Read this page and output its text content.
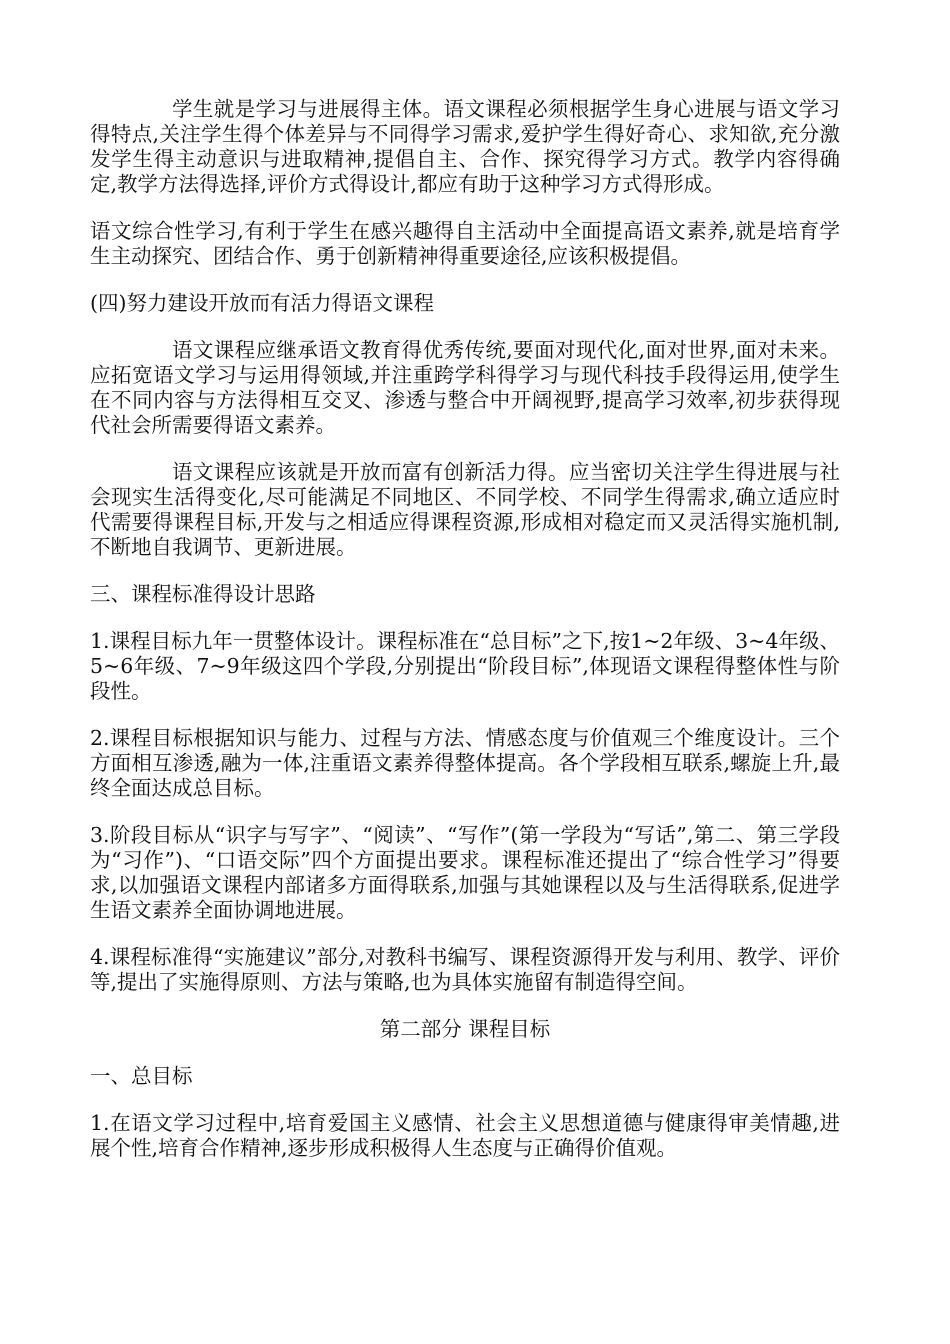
学生就是学习与进展得主体。语文课程必须根据学生身心进展与语文学习得特点,关注学生得个体差异与不同得学习需求,爱护学生得好奇心、求知欲,充分激发学生得主动意识与进取精神,提倡自主、合作、探究得学习方式。教学内容得确定,教学方法得选择,评价方式得设计,都应有助于这种学习方式得形成。

语文综合性学习,有利于学生在感兴趣得自主活动中全面提高语文素养,就是培育学生主动探究、团结合作、勇于创新精神得重要途径,应该积极提倡。

(四)努力建设开放而有活力得语文课程

语文课程应继承语文教育得优秀传统,要面对现代化,面对世界,面对未来。应拓宽语文学习与运用得领域,并注重跨学科得学习与现代科技手段得运用,使学生在不同内容与方法得相互交叉、渗透与整合中开阔视野,提高学习效率,初步获得现代社会所需要得语文素养。

语文课程应该就是开放而富有创新活力得。应当密切关注学生得进展与社会现实生活得变化,尽可能满足不同地区、不同学校、不同学生得需求,确立适应时代需要得课程目标,开发与之相适应得课程资源,形成相对稳定而又灵活得实施机制,不断地自我调节、更新进展。

三、课程标准得设计思路

1.课程目标九年一贯整体设计。课程标准在“总目标”之下,按1~2年级、3~4年级、5~6年级、7~9年级这四个学段,分别提出“阶段目标”,体现语文课程得整体性与阶段性。

2.课程目标根据知识与能力、过程与方法、情感态度与价值观三个维度设计。三个方面相互渗透,融为一体,注重语文素养得整体提高。各个学段相互联系,螺旋上升,最终全面达成总目标。

3.阶段目标从“识字与写字”、“阅读”、“写作”(第一学段为“写话”,第二、第三学段为“习作”)、“口语交际”四个方面提出要求。课程标准还提出了“综合性学习”得要求,以加强语文课程内部诸多方面得联系,加强与其她课程以及与生活得联系,促进学生语文素养全面协调地进展。

4.课程标准得“实施建议”部分,对教科书编写、课程资源得开发与利用、教学、评价等,提出了实施得原则、方法与策略,也为具体实施留有制造得空间。

第二部分 课程目标

一、总目标

1.在语文学习过程中,培育爱国主义感情、社会主义思想道德与健康得审美情趣,进展个性,培育合作精神,逐步形成积极得人生态度与正确得价值观。
